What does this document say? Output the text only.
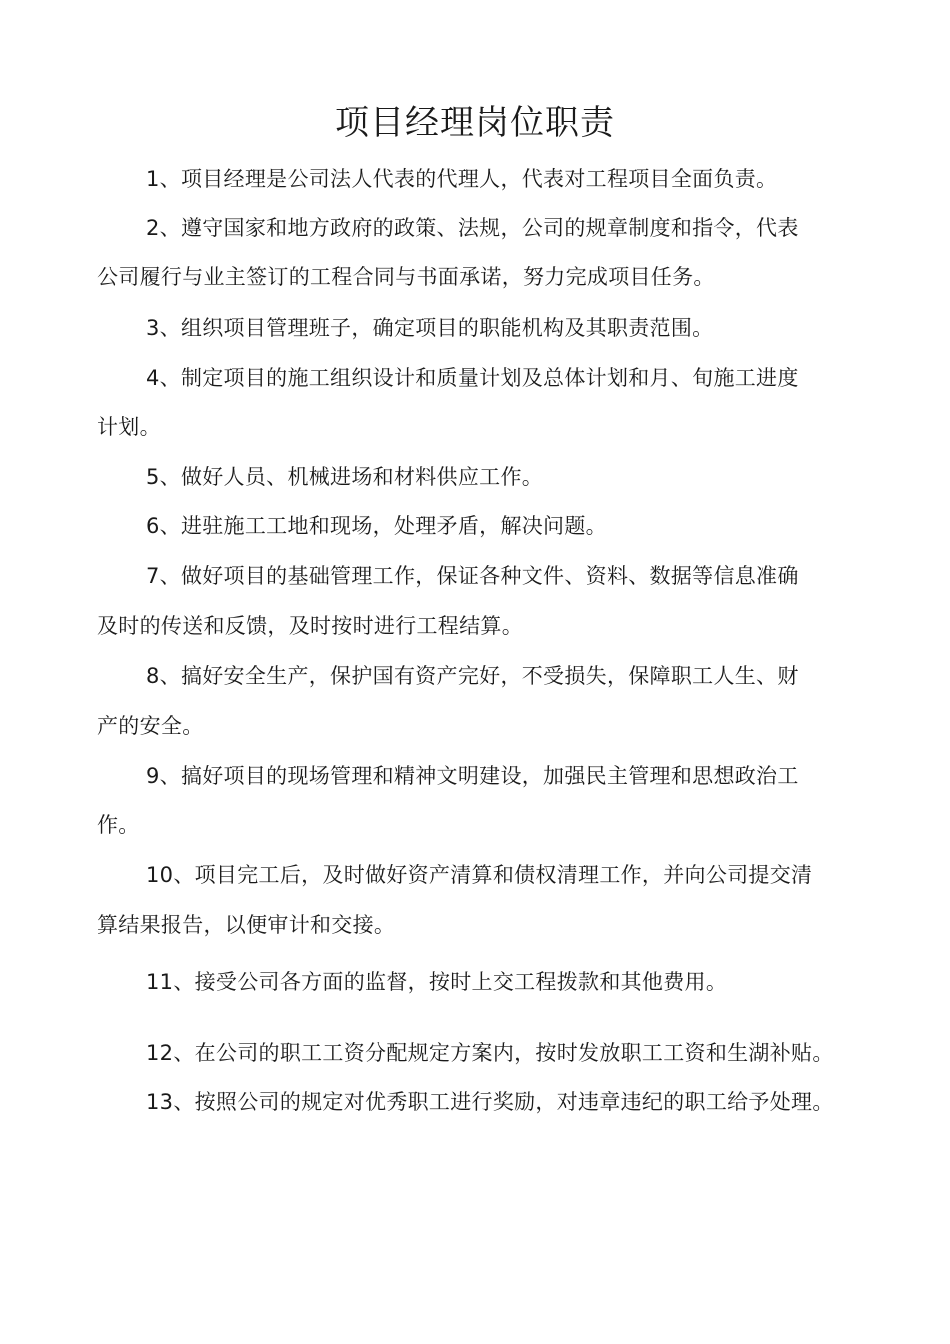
项目经理岗位职责
1、项目经理是公司法人代表的代理人，代表对工程项目全面负责。
2、遵守国家和地方政府的政策、法规，公司的规章制度和指令，代表
公司履行与业主签订的工程合同与书面承诺，努力完成项目任务。
3、组织项目管理班子，确定项目的职能机构及其职责范围。
4、制定项目的施工组织设计和质量计划及总体计划和月、旬施工进度
计划。
5、做好人员、机械进场和材料供应工作。
6、进驻施工工地和现场，处理矛盾，解决问题。
7、做好项目的基础管理工作，保证各种文件、资料、数据等信息准确
及时的传送和反馈，及时按时进行工程结算。
8、搞好安全生产，保护国有资产完好，不受损失，保障职工人生、财
产的安全。
9、搞好项目的现场管理和精神文明建设，加强民主管理和思想政治工
作。
10、项目完工后，及时做好资产清算和债权清理工作，并向公司提交清
算结果报告，以便审计和交接。
11、接受公司各方面的监督，按时上交工程拨款和其他费用。
12、在公司的职工工资分配规定方案内，按时发放职工工资和生湖补贴。
13、按照公司的规定对优秀职工进行奖励，对违章违纪的职工给予处理。
